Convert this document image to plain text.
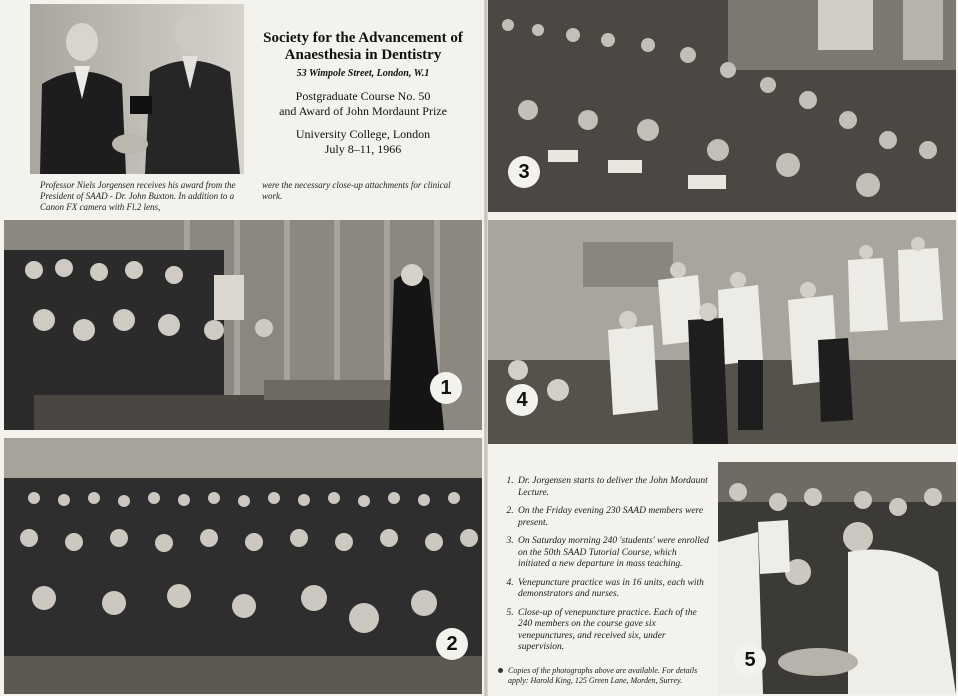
Society for the Advancement of Anaesthesia in Dentistry

53 Wimpole Street, London, W.1

Postgraduate Course No. 50

and Award of John Mordaunt Prize

University College, London

July 8–11, 1966

Professor Niels Jorgensen receives his award from the President of SAAD - Dr. John Buxton. In addition to a Canon FX camera with Fl.2 lens,
were the necessary close-up attachments for clinical work.
1
2
3
4
1. Dr. Jorgensen starts to deliver the John Mordaunt Lecture.
2. On the Friday evening 230 SAAD members were present.
3. On Saturday morning 240 'students' were enrolled on the 50th SAAD Tutorial Course, which initiated a new departure in mass teaching.
4. Venepuncture practice was in 16 units, each with demonstrators and nurses.
5. Close-up of venepuncture practice. Each of the 240 members on the course gave six venepunctures, and received six, under supervision.
Copies of the photographs above are available. For details apply: Harold King, 125 Green Lane, Morden, Surrey.
5
